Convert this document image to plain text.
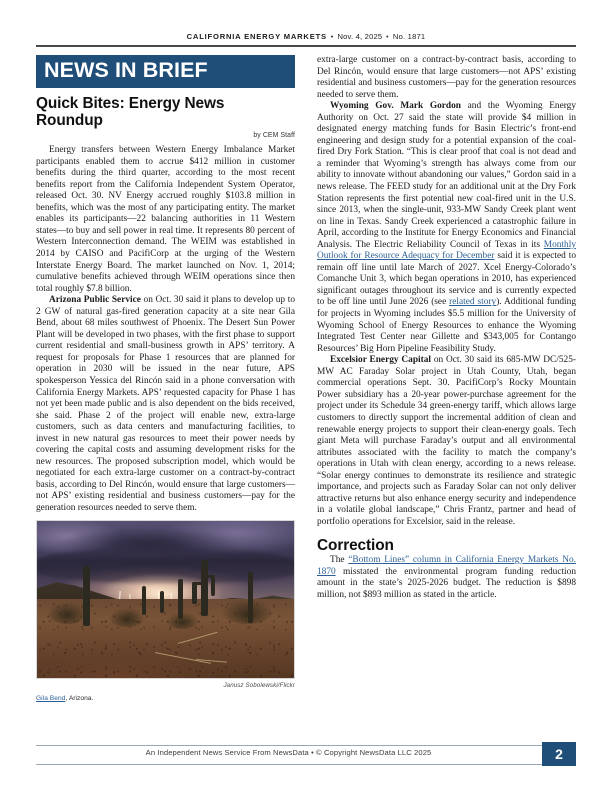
CALIFORNIA ENERGY MARKETS • Nov. 4, 2025 • No. 1871
NEWS IN BRIEF
Quick Bites: Energy News Roundup
by CEM Staff

Energy transfers between Western Energy Imbalance Market participants enabled them to accrue $412 million in customer benefits during the third quarter, according to the most recent benefits report from the California Independent System Operator, released Oct. 30. NV Energy accrued roughly $103.8 million in benefits, which was the most of any participating entity. The market enables its participants—22 balancing authorities in 11 Western states—to buy and sell power in real time. It represents 80 percent of Western Interconnection demand. The WEIM was established in 2014 by CAISO and PacifiCorp at the urging of the Western Interstate Energy Board. The market launched on Nov. 1, 2014; cumulative benefits achieved through WEIM operations since then total roughly $7.8 billion.

Arizona Public Service on Oct. 30 said it plans to develop up to 2 GW of natural gas-fired generation capacity at a site near Gila Bend, about 68 miles southwest of Phoenix. The Desert Sun Power Plant will be developed in two phases, with the first phase to support current residential and small-business growth in APS’ territory. A request for proposals for Phase 1 resources that are planned for operation in 2030 will be issued in the near future, APS spokesperson Yessica del Rincón said in a phone conversation with California Energy Markets. APS’ requested capacity for Phase 1 has not yet been made public and is also dependent on the bids received, she said. Phase 2 of the project will enable new, extra-large customers, such as data centers and manufacturing facilities, to invest in new natural gas resources to meet their power needs by covering the capital costs and assuming development risks for the new resources. The proposed subscription model, which would be negotiated for each extra-large customer on a contract-by-contract basis, according to Del Rincón, would ensure that large customers—not APS’ existing residential and business customers—pay for the generation resources needed to serve them.

Janusz Sobolewski/Flickr
Gila Bend, Arizona.

extra-large customer on a contract-by-contract basis, according to Del Rincón, would ensure that large customers—not APS’ existing residential and business customers—pay for the generation resources needed to serve them.

Wyoming Gov. Mark Gordon and the Wyoming Energy Authority on Oct. 27 said the state will provide $4 million in designated energy matching funds for Basin Electric’s front-end engineering and design study for a potential expansion of the coal-fired Dry Fork Station. “This is clear proof that coal is not dead and a reminder that Wyoming’s strength has always come from our ability to innovate without abandoning our values,” Gordon said in a news release. The FEED study for an additional unit at the Dry Fork Station represents the first potential new coal-fired unit in the U.S. since 2013, when the single-unit, 933-MW Sandy Creek plant went on line in Texas. Sandy Creek experienced a catastrophic failure in April, according to the Institute for Energy Economics and Financial Analysis. The Electric Reliability Council of Texas in its Monthly Outlook for Resource Adequacy for December said it is expected to remain off line until late March of 2027. Xcel Energy-Colorado’s Comanche Unit 3, which began operations in 2010, has experienced significant outages throughout its service and is currently expected to be off line until June 2026 (see related story). Additional funding for projects in Wyoming includes $5.5 million for the University of Wyoming School of Energy Resources to enhance the Wyoming Integrated Test Center near Gillette and $343,005 for Contango Resources’ Big Horn Pipeline Feasibility Study.

Excelsior Energy Capital on Oct. 30 said its 685-MW DC/525-MW AC Faraday Solar project in Utah County, Utah, began commercial operations Sept. 30. PacifiCorp’s Rocky Mountain Power subsidiary has a 20-year power-purchase agreement for the project under its Schedule 34 green-energy tariff, which allows large customers to directly support the incremental addition of clean and renewable energy projects to support their clean-energy goals. Tech giant Meta will purchase Faraday’s output and all environmental attributes associated with the facility to match the company’s operations in Utah with clean energy, according to a news release. “Solar energy continues to demonstrate its resilience and strategic importance, and projects such as Faraday Solar can not only deliver attractive returns but also enhance energy security and independence in a volatile global landscape,” Chris Frantz, partner and head of portfolio operations for Excelsior, said in the release.

Correction

The “Bottom Lines” column in California Energy Markets No. 1870 misstated the environmental program funding reduction amount in the state’s 2025-2026 budget. The reduction is $898 million, not $893 million as stated in the article.

An Independent News Service From NewsData • © Copyright NewsData LLC 2025	2
